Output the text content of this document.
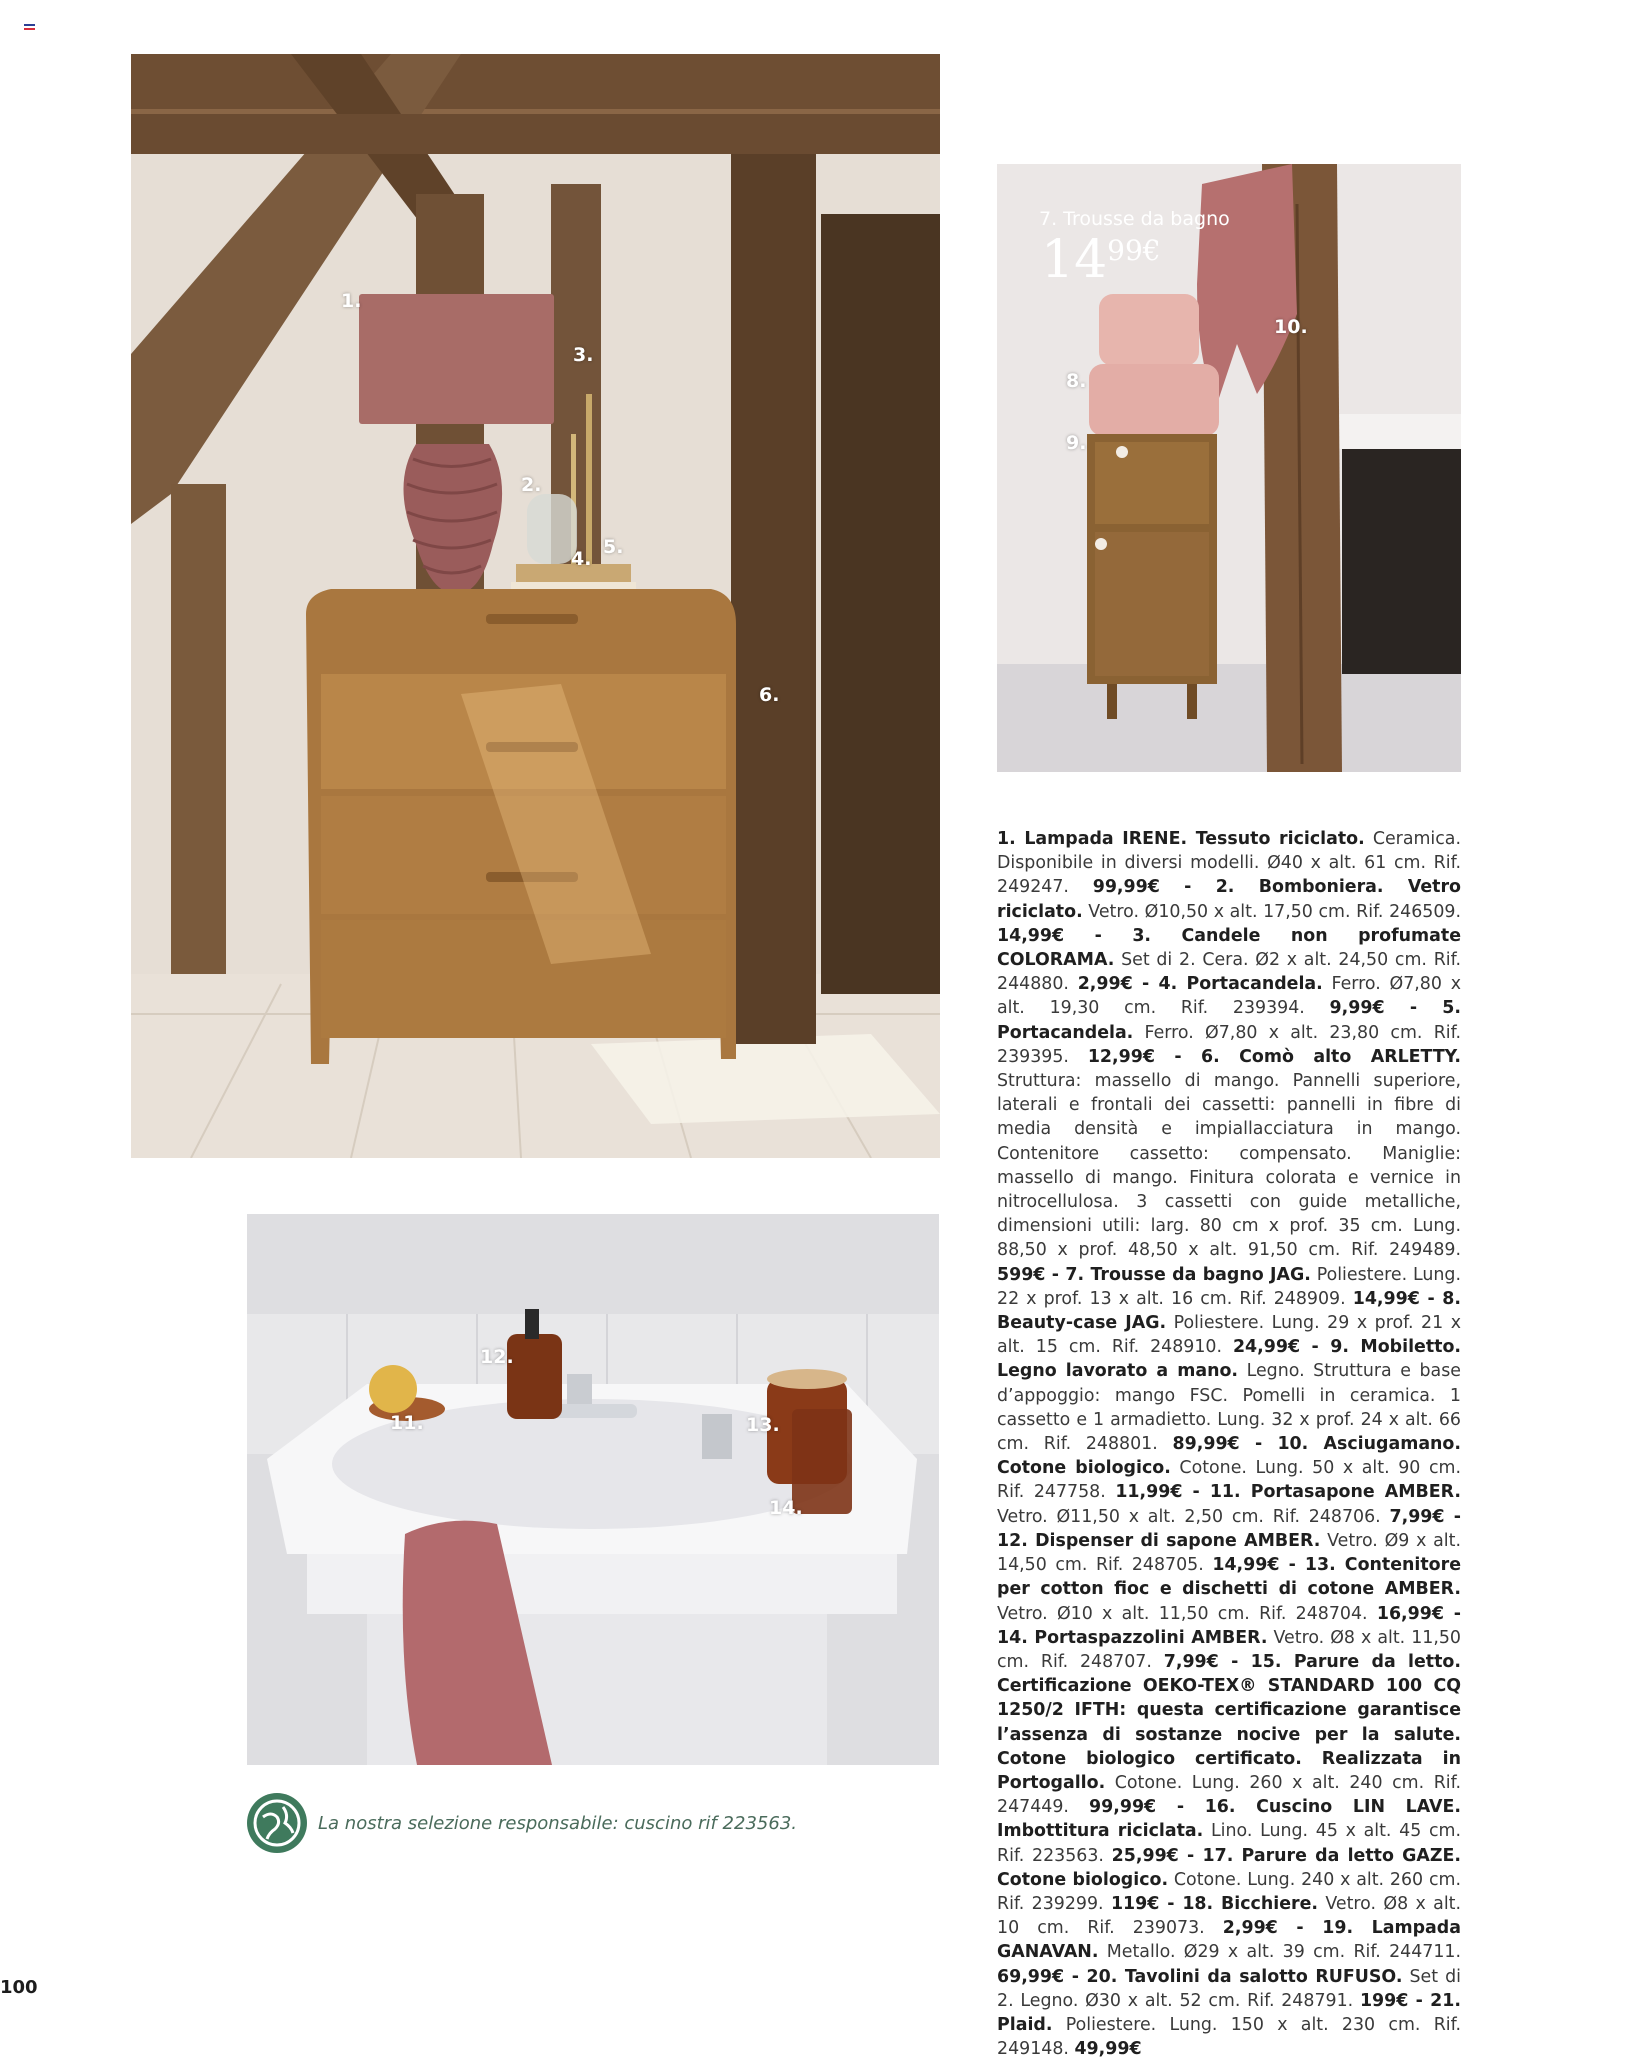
1.
2.
3.
4.
5.
6.
7. Trousse da bagno
$14^{99€}$
10.
8.
9.
11.
12.
13.
14.
1. Lampada IRENE. Tessuto riciclato. Ceramica. Disponibile in diversi modelli. Ø40 x alt. 61 cm. Rif. 249247. 99,99€ - 2. Bomboniera. Vetro riciclato. Vetro. Ø10,50 x alt. 17,50 cm. Rif. 246509. 14,99€ - 3. Candele non profumate COLORAMA. Set di 2. Cera. Ø2 x alt. 24,50 cm. Rif. 244880. 2,99€ - 4. Portacandela. Ferro. Ø7,80 x alt. 19,30 cm. Rif. 239394. 9,99€ - 5. Portacandela. Ferro. Ø7,80 x alt. 23,80 cm. Rif. 239395. 12,99€ - 6. Comò alto ARLETTY. Struttura: massello di mango. Pannelli superiore, laterali e frontali dei cassetti: pannelli in fibre di media densità e impiallacciatura in mango. Contenitore cassetto: compensato. Maniglie: massello di mango. Finitura colorata e vernice in nitrocellulosa. 3 cassetti con guide metalliche, dimensioni utili: larg. 80 cm x prof. 35 cm. Lung. 88,50 x prof. 48,50 x alt. 91,50 cm. Rif. 249489. 599€ - 7. Trousse da bagno JAG. Poliestere. Lung. 22 x prof. 13 x alt. 16 cm. Rif. 248909. 14,99€ - 8. Beauty-case JAG. Poliestere. Lung. 29 x prof. 21 x alt. 15 cm. Rif. 248910. 24,99€ - 9. Mobiletto. Legno lavorato a mano. Legno. Struttura e base d’appoggio: mango FSC. Pomelli in ceramica. 1 cassetto e 1 armadietto. Lung. 32 x prof. 24 x alt. 66 cm. Rif. 248801. 89,99€ - 10. Asciugamano. Cotone biologico. Cotone. Lung. 50 x alt. 90 cm. Rif. 247758. 11,99€ - 11. Portasapone AMBER. Vetro. Ø11,50 x alt. 2,50 cm. Rif. 248706. 7,99€ - 12. Dispenser di sapone AMBER. Vetro. Ø9 x alt. 14,50 cm. Rif. 248705. 14,99€ - 13. Contenitore per cotton fioc e dischetti di cotone AMBER. Vetro. Ø10 x alt. 11,50 cm. Rif. 248704. 16,99€ - 14. Portaspazzolini AMBER. Vetro. Ø8 x alt. 11,50 cm. Rif. 248707. 7,99€ - 15. Parure da letto. Certificazione OEKO-TEX® STANDARD 100 CQ 1250/2 IFTH: questa certificazione garantisce l’assenza di sostanze nocive per la salute. Cotone biologico certificato. Realizzata in Portogallo. Cotone. Lung. 260 x alt. 240 cm. Rif. 247449. 99,99€ - 16. Cuscino LIN LAVE. Imbottitura riciclata. Lino. Lung. 45 x alt. 45 cm. Rif. 223563. 25,99€ - 17. Parure da letto GAZE. Cotone biologico. Cotone. Lung. 240 x alt. 260 cm. Rif. 239299. 119€ - 18. Bicchiere. Vetro. Ø8 x alt. 10 cm. Rif. 239073. 2,99€ - 19. Lampada GANAVAN. Metallo. Ø29 x alt. 39 cm. Rif. 244711. 69,99€ - 20. Tavolini da salotto RUFUSO. Set di 2. Legno. Ø30 x alt. 52 cm. Rif. 248791. 199€ - 21. Plaid. Poliestere. Lung. 150 x alt. 230 cm. Rif. 249148. 49,99€
La nostra selezione responsabile: cuscino rif 223563.
100
